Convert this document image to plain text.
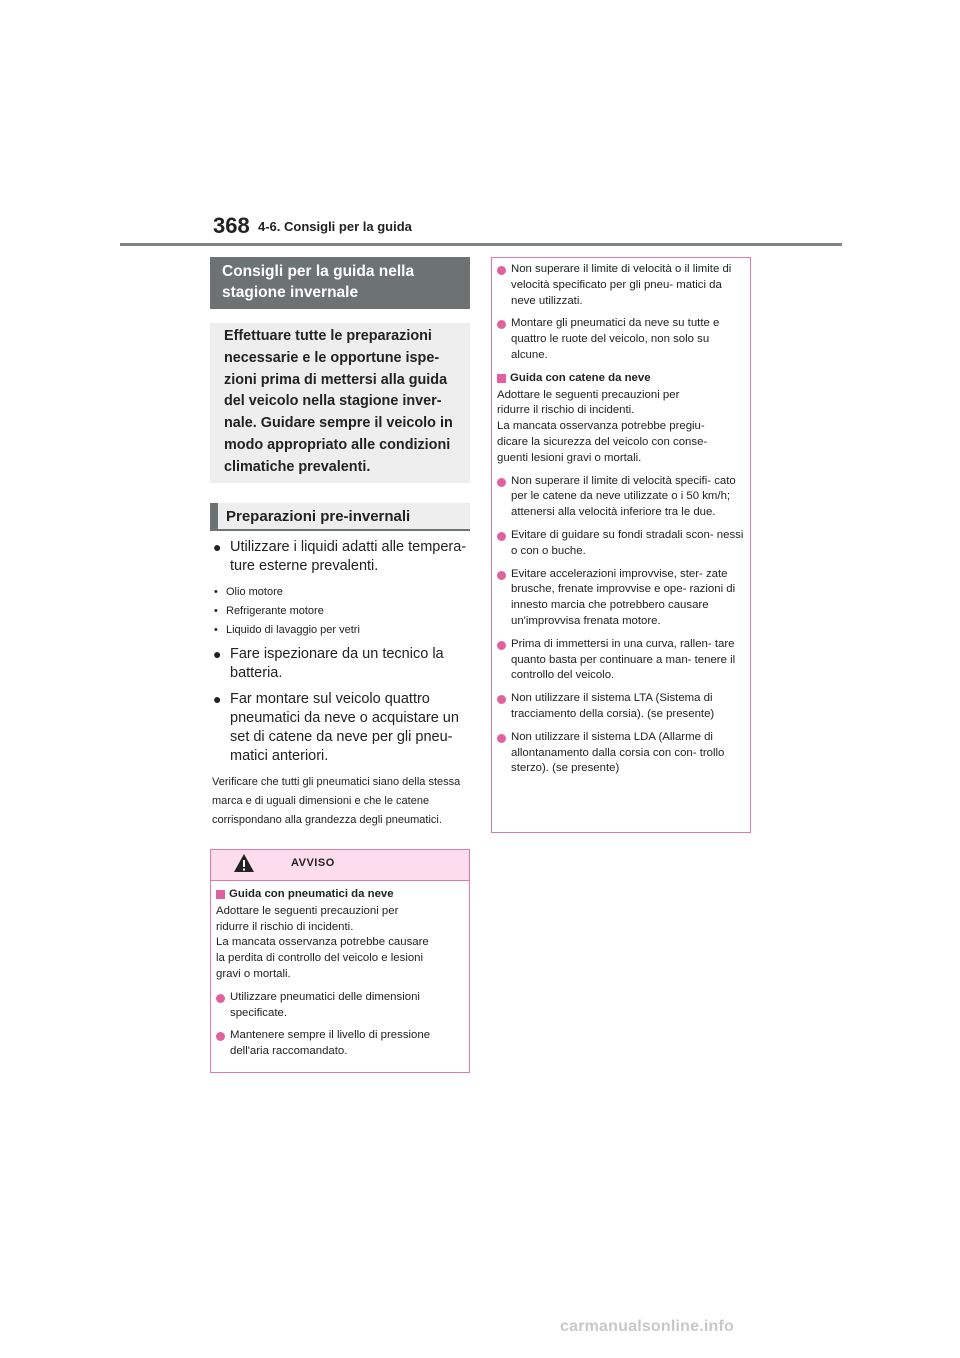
368 4-6. Consigli per la guida
Consigli per la guida nella
stagione invernale
Effettuare tutte le preparazioni
necessarie e le opportune ispe-
zioni prima di mettersi alla guida
del veicolo nella stagione inver-
nale. Guidare sempre il veicolo in
modo appropriato alle condizioni
climatiche prevalenti.
Preparazioni pre-invernali
● Utilizzare i liquidi adatti alle tempera- ture esterne prevalenti.
• Olio motore
• Refrigerante motore
• Liquido di lavaggio per vetri
● Fare ispezionare da un tecnico la batteria.
● Far montare sul veicolo quattro pneumatici da neve o acquistare un set di catene da neve per gli pneu- matici anteriori.
Verificare che tutti gli pneumatici siano della stessa marca e di uguali dimensioni e che le catene corrispondano alla grandezza degli pneumatici.
AVVISO
Guida con pneumatici da neve
Adottare le seguenti precauzioni per
ridurre il rischio di incidenti.
La mancata osservanza potrebbe causare
la perdita di controllo del veicolo e lesioni
gravi o mortali.
Utilizzare pneumatici delle dimensioni specificate.
Mantenere sempre il livello di pressione dell'aria raccomandato.
Non superare il limite di velocità o il limite di velocità specificato per gli pneu- matici da neve utilizzati.
Montare gli pneumatici da neve su tutte e quattro le ruote del veicolo, non solo su alcune.
Guida con catene da neve
Adottare le seguenti precauzioni per
ridurre il rischio di incidenti.
La mancata osservanza potrebbe pregiu-
dicare la sicurezza del veicolo con conse-
guenti lesioni gravi o mortali.
Non superare il limite di velocità specifi- cato per le catene da neve utilizzate o i 50 km/h; attenersi alla velocità inferiore tra le due.
Evitare di guidare su fondi stradali scon- nessi o con o buche.
Evitare accelerazioni improvvise, ster- zate brusche, frenate improvvise e ope- razioni di innesto marcia che potrebbero causare un'improvvisa frenata motore.
Prima di immettersi in una curva, rallen- tare quanto basta per continuare a man- tenere il controllo del veicolo.
Non utilizzare il sistema LTA (Sistema di tracciamento della corsia). (se presente)
Non utilizzare il sistema LDA (Allarme di allontanamento dalla corsia con con- trollo sterzo). (se presente)
carmanualsonline.info
